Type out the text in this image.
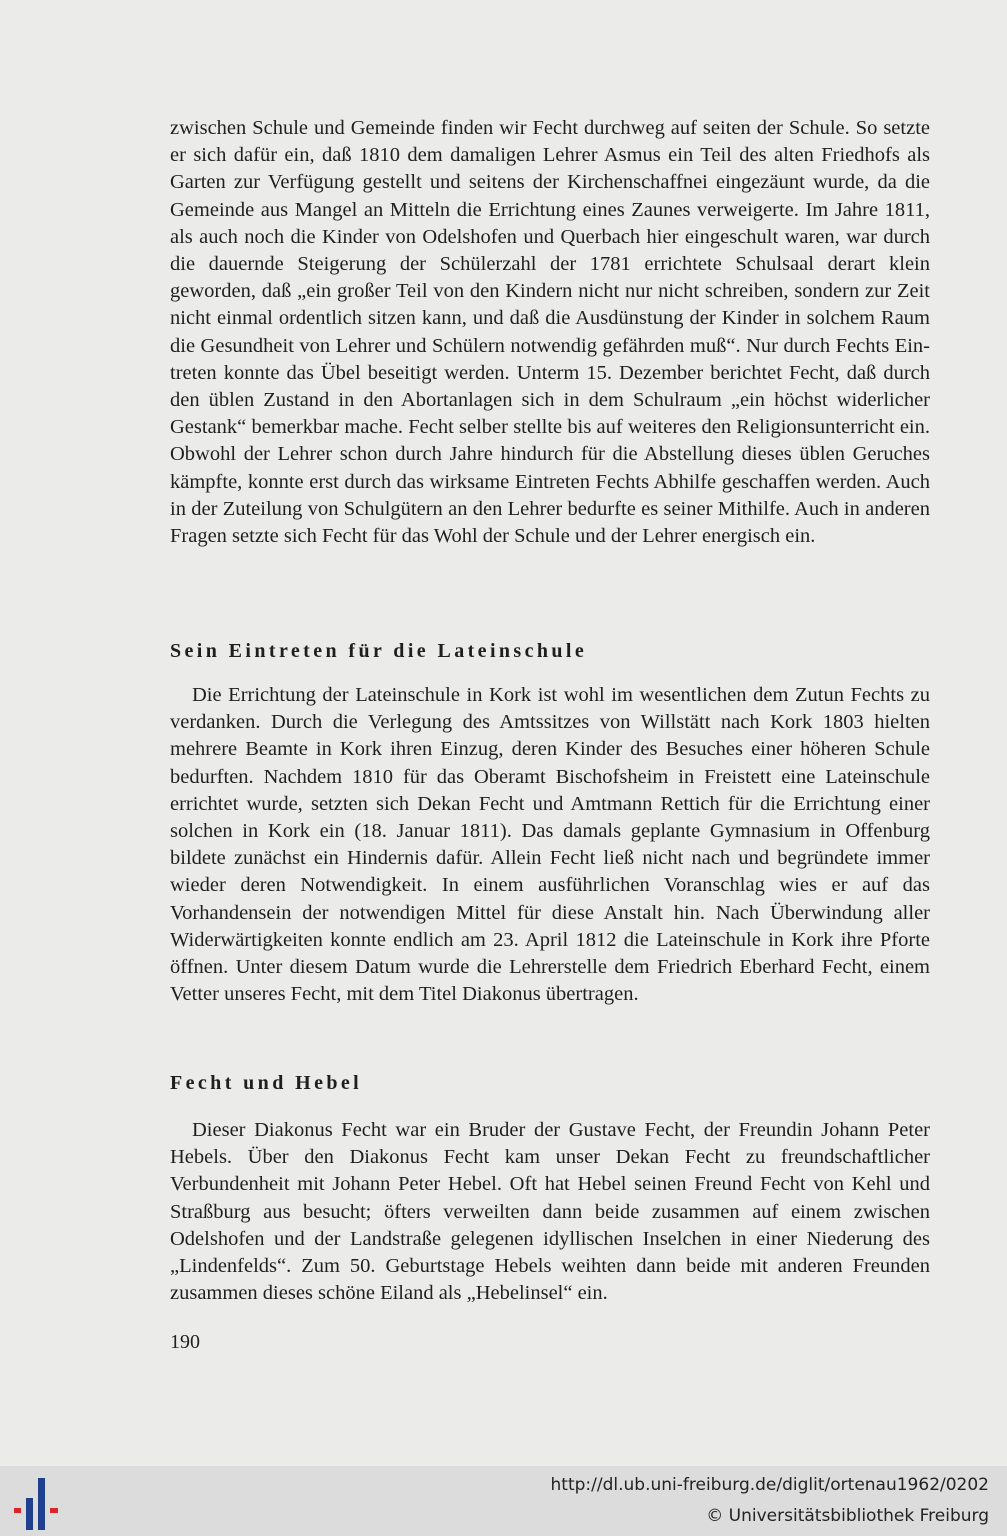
zwischen Schule und Gemeinde finden wir Fecht durchweg auf seiten der Schule. So setzte er sich dafür ein, daß 1810 dem damaligen Lehrer Asmus ein Teil des alten Friedhofs als Garten zur Verfügung gestellt und seitens der Kirchenschaffnei eingezäunt wurde, da die Gemeinde aus Mangel an Mitteln die Errichtung eines Zaunes verweigerte. Im Jahre 1811, als auch noch die Kinder von Odelshofen und Querbach hier eingeschult waren, war durch die dauernde Steigerung der Schülerzahl der 1781 errichtete Schulsaal derart klein geworden, daß „ein großer Teil von den Kindern nicht nur nicht schreiben, sondern zur Zeit nicht einmal ordentlich sitzen kann, und daß die Ausdünstung der Kinder in solchem Raum die Gesundheit von Lehrer und Schülern notwendig gefährden muß“. Nur durch Fechts Eintreten konnte das Übel beseitigt werden. Unterm 15. Dezember berichtet Fecht, daß durch den üblen Zustand in den Abortanlagen sich in dem Schulraum „ein höchst widerlicher Gestank“ bemerkbar mache. Fecht selber stellte bis auf weiteres den Religionsunterricht ein. Obwohl der Lehrer schon durch Jahre hindurch für die Abstellung dieses üblen Geruches kämpfte, konnte erst durch das wirksame Eintreten Fechts Abhilfe geschaffen werden. Auch in der Zuteilung von Schulgütern an den Lehrer bedurfte es seiner Mithilfe. Auch in anderen Fragen setzte sich Fecht für das Wohl der Schule und der Lehrer energisch ein.

Sein Eintreten für die Lateinschule

Die Errichtung der Lateinschule in Kork ist wohl im wesentlichen dem Zutun Fechts zu verdanken. Durch die Verlegung des Amtssitzes von Willstätt nach Kork 1803 hielten mehrere Beamte in Kork ihren Einzug, deren Kinder des Besuches einer höheren Schule bedurften. Nachdem 1810 für das Oberamt Bischofsheim in Freistett eine Lateinschule errichtet wurde, setzten sich Dekan Fecht und Amtmann Rettich für die Errichtung einer solchen in Kork ein (18. Januar 1811). Das damals geplante Gymnasium in Offenburg bildete zunächst ein Hindernis dafür. Allein Fecht ließ nicht nach und begründete immer wieder deren Notwendigkeit. In einem ausführlichen Voranschlag wies er auf das Vorhandensein der notwendigen Mittel für diese Anstalt hin. Nach Überwindung aller Widerwärtigkeiten konnte endlich am 23. April 1812 die Lateinschule in Kork ihre Pforte öffnen. Unter diesem Datum wurde die Lehrerstelle dem Friedrich Eberhard Fecht, einem Vetter unseres Fecht, mit dem Titel Diakonus übertragen.

Fecht und Hebel

Dieser Diakonus Fecht war ein Bruder der Gustave Fecht, der Freundin Johann Peter Hebels. Über den Diakonus Fecht kam unser Dekan Fecht zu freundschaftlicher Verbundenheit mit Johann Peter Hebel. Oft hat Hebel seinen Freund Fecht von Kehl und Straßburg aus besucht; öfters verweilten dann beide zusammen auf einem zwischen Odelshofen und der Landstraße gelegenen idyllischen Inselchen in einer Niederung des „Lindenfelds“. Zum 50. Geburtstage Hebels weihten dann beide mit anderen Freunden zusammen dieses schöne Eiland als „Hebelinsel“ ein.

190
http://dl.ub.uni-freiburg.de/diglit/ortenau1962/0202
© Universitätsbibliothek Freiburg
